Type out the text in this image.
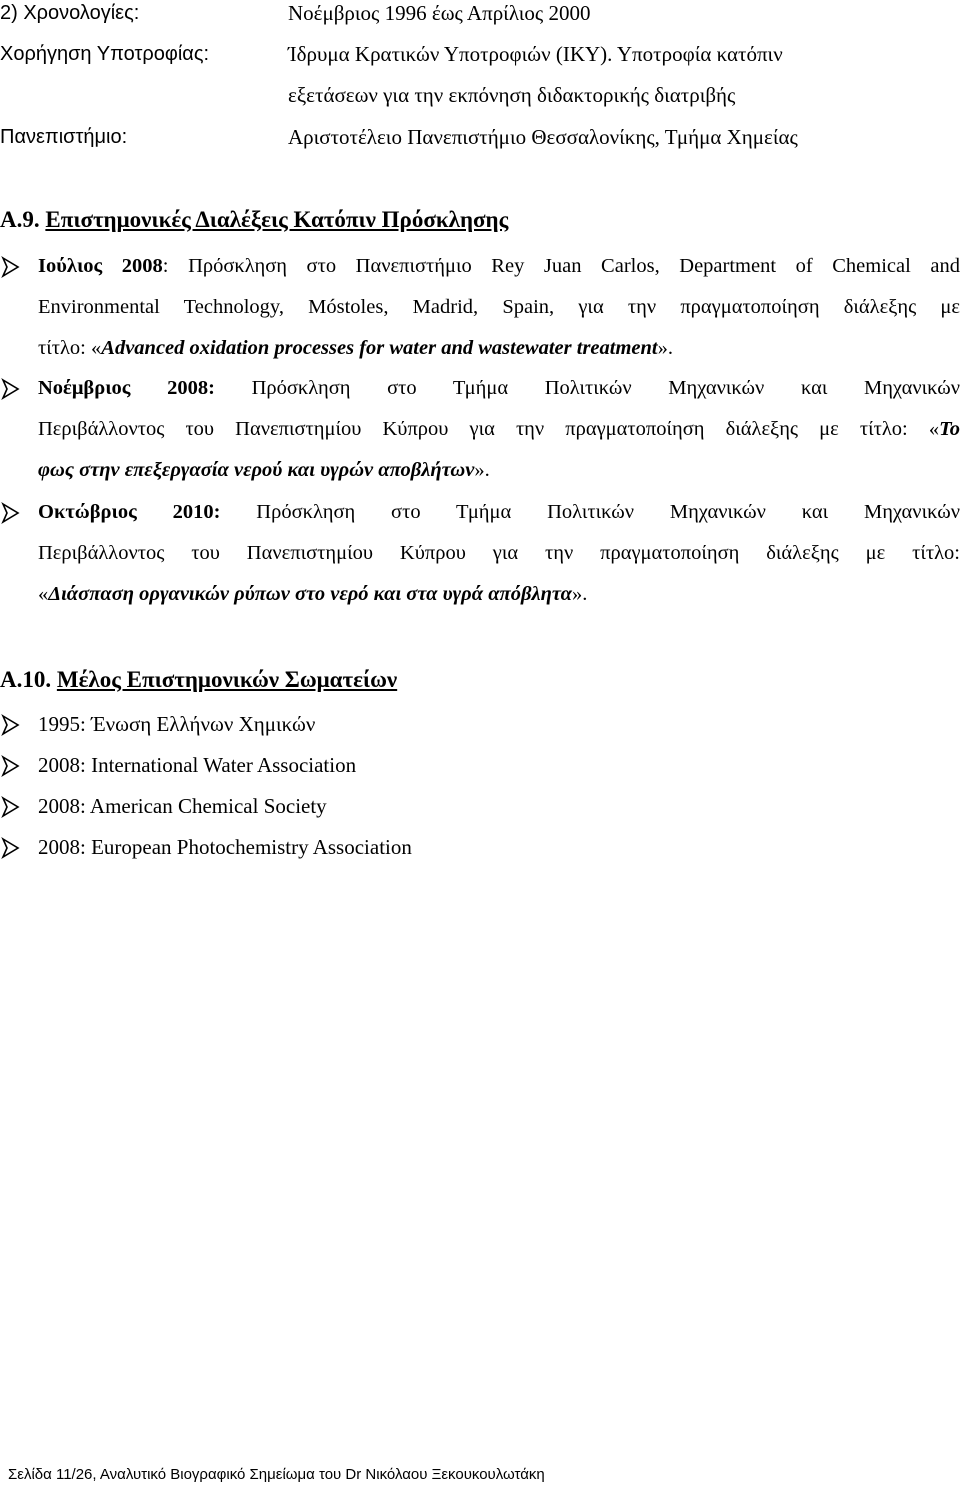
2) Χρονολογίες:	Νοέμβριος 1996 έως Απρίλιος 2000
Χορήγηση Υποτροφίας:	Ίδρυμα Κρατικών Υποτροφιών (ΙΚΥ). Υποτροφία κατόπιν
εξετάσεων για την εκπόνηση διδακτορικής διατριβής
Πανεπιστήμιο:	Αριστοτέλειο Πανεπιστήμιο Θεσσαλονίκης, Τμήμα Χημείας
Α.9. Επιστημονικές Διαλέξεις Κατόπιν Πρόσκλησης
Ιούλιος 2008: Πρόσκληση στο Πανεπιστήμιο Rey Juan Carlos, Department of Chemical and
Environmental Technology, Móstoles, Madrid, Spain, για την πραγματοποίηση διάλεξης με
τίτλο: «Advanced oxidation processes for water and wastewater treatment».
Νοέμβριος 2008: Πρόσκληση στο Τμήμα Πολιτικών Μηχανικών και Μηχανικών
Περιβάλλοντος του Πανεπιστημίου Κύπρου για την πραγματοποίηση διάλεξης με τίτλο: «Το
φως στην επεξεργασία νερού και υγρών αποβλήτων».
Οκτώβριος 2010: Πρόσκληση στο Τμήμα Πολιτικών Μηχανικών και Μηχανικών
Περιβάλλοντος του Πανεπιστημίου Κύπρου για την πραγματοποίηση διάλεξης με τίτλο:
«Διάσπαση οργανικών ρύπων στο νερό και στα υγρά απόβλητα».
Α.10. Μέλος Επιστημονικών Σωματείων
1995: Ένωση Ελλήνων Χημικών
2008: International Water Association
2008: American Chemical Society
2008: European Photochemistry Association
Σελίδα 11/26, Αναλυτικό Βιογραφικό Σημείωμα του Dr Νικόλαου Ξεκουκουλωτάκη
